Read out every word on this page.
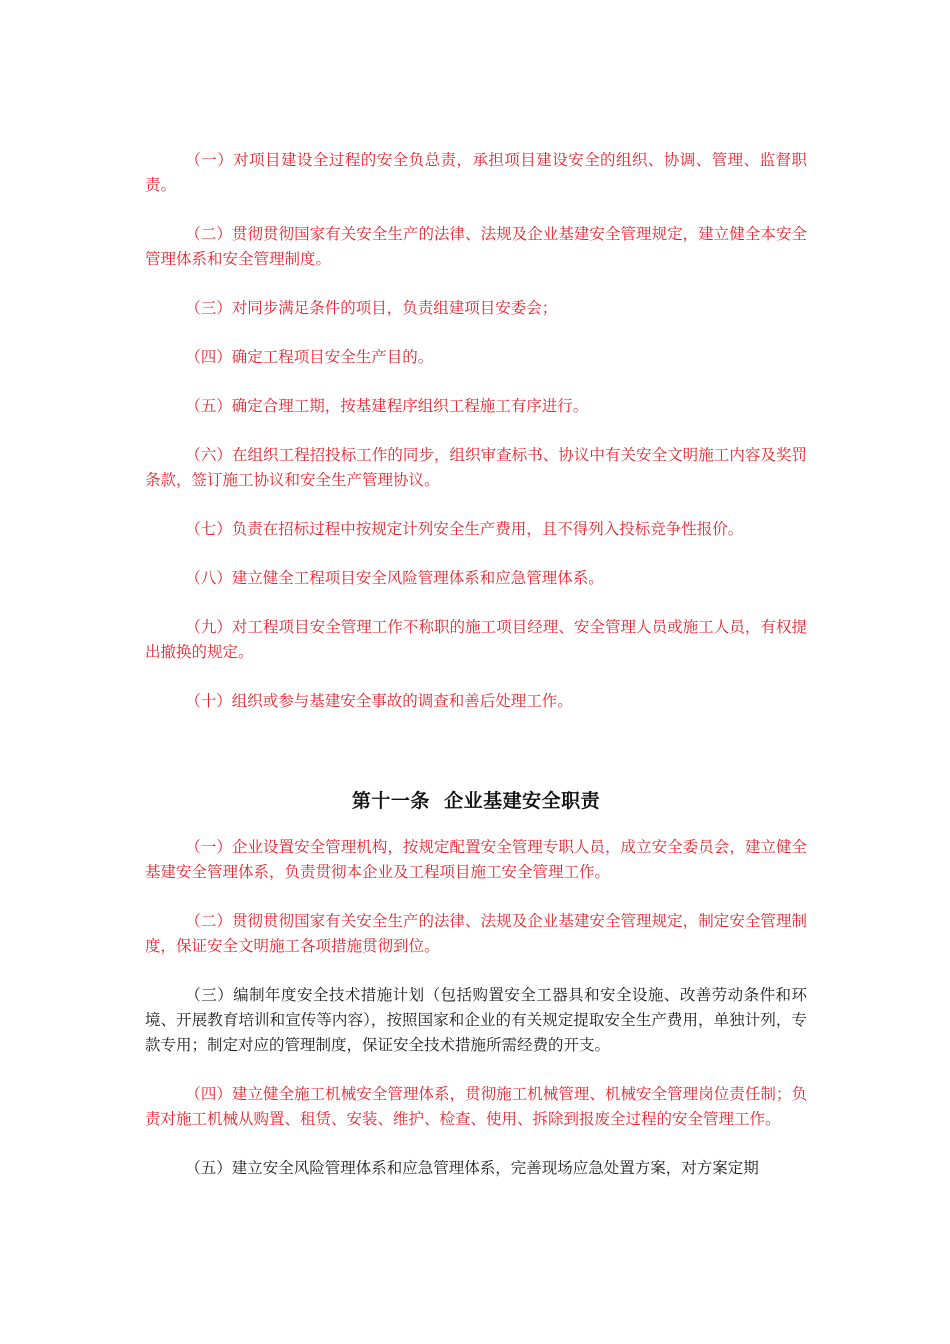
（一）对项目建设全过程的安全负总责，承担项目建设安全的组织、协调、管理、监督职责。

（二）贯彻贯彻国家有关安全生产的法律、法规及企业基建安全管理规定，建立健全本安全管理体系和安全管理制度。

（三）对同步满足条件的项目，负责组建项目安委会；

（四）确定工程项目安全生产目的。

（五）确定合理工期，按基建程序组织工程施工有序进行。

（六）在组织工程招投标工作的同步，组织审查标书、协议中有关安全文明施工内容及奖罚条款，签订施工协议和安全生产管理协议。

（七）负责在招标过程中按规定计列安全生产费用，且不得列入投标竞争性报价。

（八）建立健全工程项目安全风险管理体系和应急管理体系。

（九）对工程项目安全管理工作不称职的施工项目经理、安全管理人员或施工人员，有权提出撤换的规定。

（十）组织或参与基建安全事故的调查和善后处理工作。

第十一条  企业基建安全职责

（一）企业设置安全管理机构，按规定配置安全管理专职人员，成立安全委员会，建立健全基建安全管理体系，负责贯彻本企业及工程项目施工安全管理工作。

（二）贯彻贯彻国家有关安全生产的法律、法规及企业基建安全管理规定，制定安全管理制度，保证安全文明施工各项措施贯彻到位。

（三）编制年度安全技术措施计划（包括购置安全工器具和安全设施、改善劳动条件和环境、开展教育培训和宣传等内容），按照国家和企业的有关规定提取安全生产费用，单独计列，专款专用；制定对应的管理制度，保证安全技术措施所需经费的开支。

（四）建立健全施工机械安全管理体系，贯彻施工机械管理、机械安全管理岗位责任制；负责对施工机械从购置、租赁、安装、维护、检查、使用、拆除到报废全过程的安全管理工作。

（五）建立安全风险管理体系和应急管理体系，完善现场应急处置方案，对方案定期
